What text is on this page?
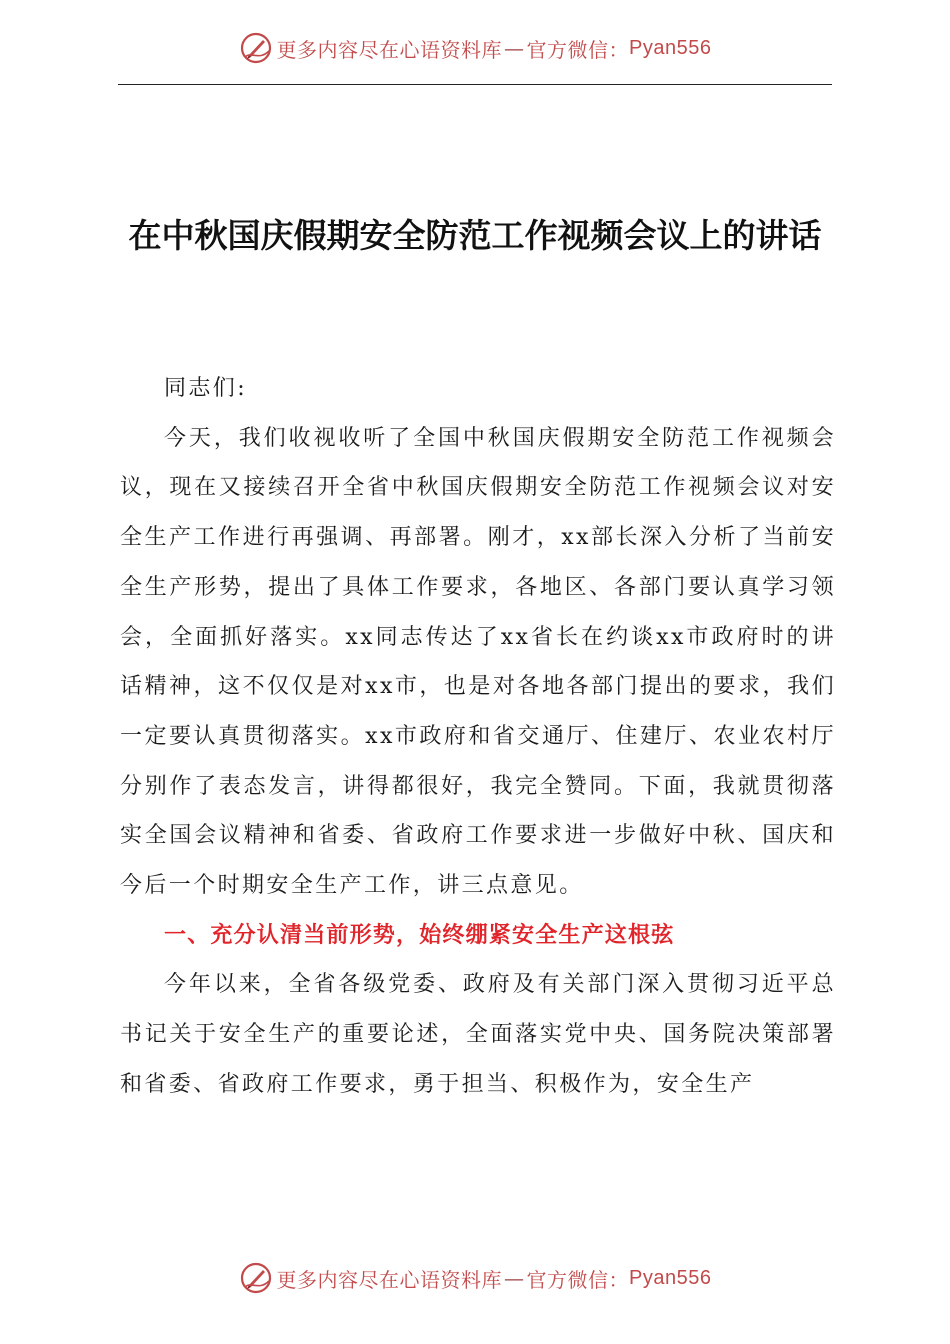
更多内容尽在心语资料库 — 官方微信： Pyan556
在中秋国庆假期安全防范工作视频会议上的讲话

同志们:

今天，我们收视收听了全国中秋国庆假期安全防范工作视频会议，现在又接续召开全省中秋国庆假期安全防范工作视频会议对安全生产工作进行再强调、再部署。刚才，xx部长深入分析了当前安全生产形势，提出了具体工作要求，各地区、各部门要认真学习领会，全面抓好落实。xx同志传达了xx省长在约谈xx市政府时的讲话精神，这不仅仅是对xx市，也是对各地各部门提出的要求，我们一定要认真贯彻落实。xx市政府和省交通厅、住建厅、农业农村厅分别作了表态发言，讲得都很好，我完全赞同。下面，我就贯彻落实全国会议精神和省委、省政府工作要求进一步做好中秋、国庆和今后一个时期安全生产工作，讲三点意见。

一、充分认清当前形势，始终绷紧安全生产这根弦

今年以来，全省各级党委、政府及有关部门深入贯彻习近平总书记关于安全生产的重要论述，全面落实党中央、国务院决策部署和省委、省政府工作要求，勇于担当、积极作为，安全生产

更多内容尽在心语资料库 — 官方微信： Pyan556
